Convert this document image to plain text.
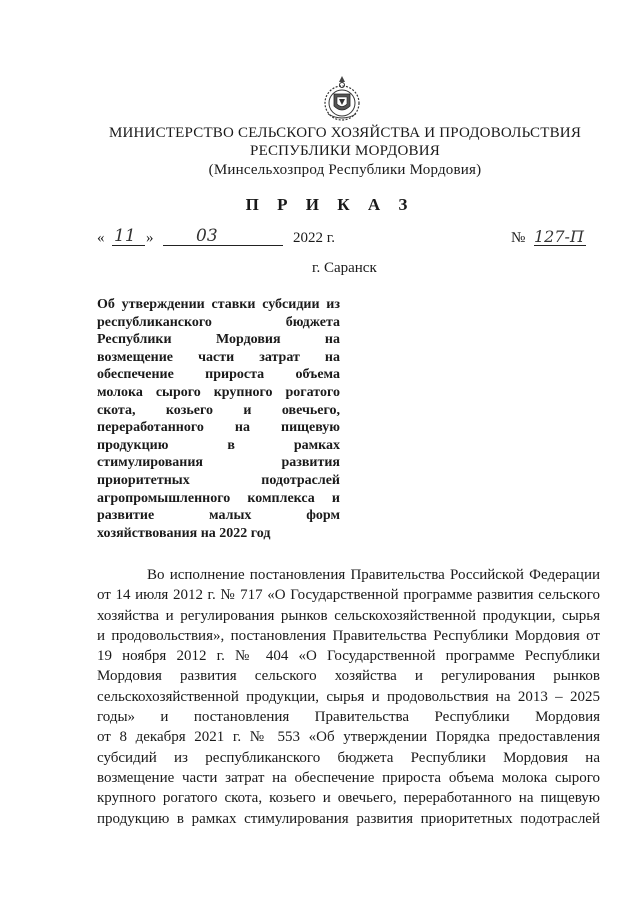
МИНИСТЕРСТВО СЕЛЬСКОГО ХОЗЯЙСТВА И ПРОДОВОЛЬСТВИЯ
РЕСПУБЛИКИ МОРДОВИЯ
(Минсельхозпрод Республики Мордовия)
П Р И К А З
« 11 »	03	2022 г.	№ 127-П
г. Саранск
Об утверждении ставки субсидии из
республиканского бюджета
Республики Мордовия на
возмещение части затрат на
обеспечение прироста объема
молока сырого крупного рогатого
скота, козьего и овечьего,
переработанного на пищевую
продукцию в рамках
стимулирования развития
приоритетных подотраслей
агропромышленного комплекса и
развитие малых форм
хозяйствования на 2022 год
Во исполнение постановления Правительства Российской Федерации
от 14 июля 2012 г. № 717 «О Государственной программе развития сельского
хозяйства и регулирования рынков сельскохозяйственной продукции, сырья
и продовольствия», постановления Правительства Республики Мордовия от
19 ноября 2012 г. № 404 «О Государственной программе Республики
Мордовия развития сельского хозяйства и регулирования рынков
сельскохозяйственной продукции, сырья и продовольствия на 2013 – 2025
годы» и постановления Правительства Республики Мордовия
от 8 декабря 2021 г. № 553 «Об утверждении Порядка предоставления
субсидий из республиканского бюджета Республики Мордовия на
возмещение части затрат на обеспечение прироста объема молока сырого
крупного рогатого скота, козьего и овечьего, переработанного на пищевую
продукцию в рамках стимулирования развития приоритетных подотраслей
